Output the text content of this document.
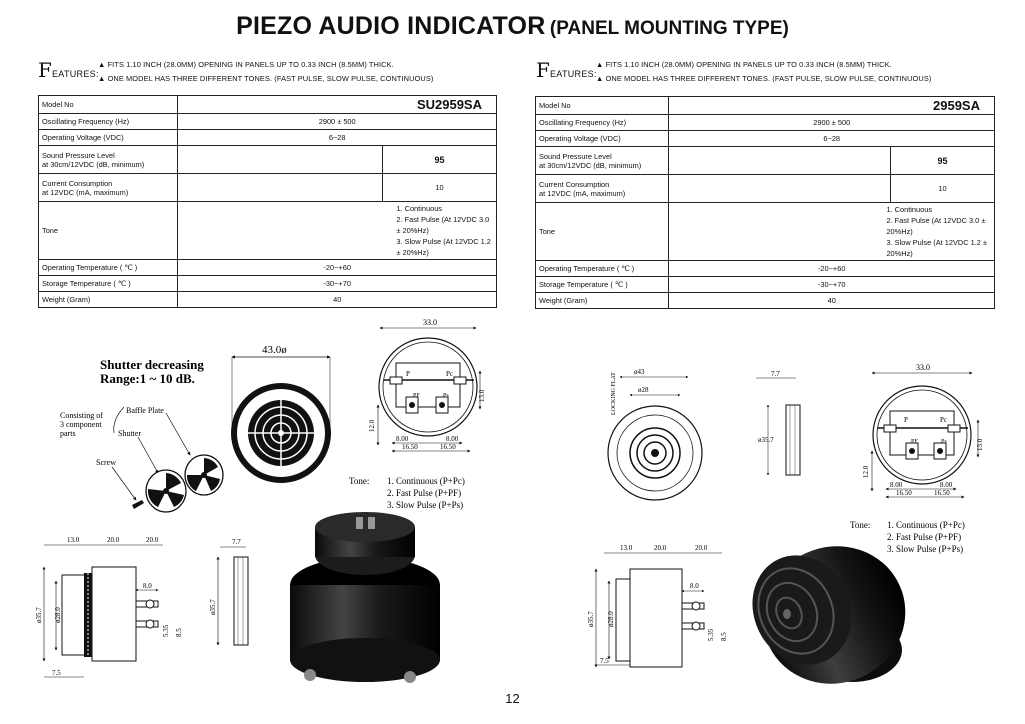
PIEZO AUDIO INDICATOR (PANEL MOUNTING TYPE)
F EATURES:
▲ FITS 1.10 INCH (28.0MM) OPENING IN PANELS UP TO 0.33 INCH (8.5MM) THICK.
▲ ONE MODEL HAS THREE DIFFERENT TONES. (FAST PULSE, SLOW PULSE, CONTINUOUS)	F EATURES:
▲ FITS 1.10 INCH (28.0MM) OPENING IN PANELS UP TO 0.33 INCH (8.5MM) THICK.
▲ ONE MODEL HAS THREE DIFFERENT TONES. (FAST PULSE, SLOW PULSE, CONTINUOUS)
Model No	SU2959SA	
Oscillating Frequency (Hz)	2900 ± 500	
Operating Voltage (VDC)	6~28	

Sound Pressure Level
at 30cm/12VDC (dB, minimum)		95

Current Consumption
at 12VDC (mA, maximum)		10
Tone	1. Continuous
2. Fast Pulse (At 12VDC 3.0 ± 20%Hz)
3. Slow Pulse (At 12VDC 1.2 ± 20%Hz)	

Operating Temperature ( ℃ )	-20~+60	
Storage Temperature ( ℃ )	-30~+70	
Weight (Gram)	40	
Model No	2959SA	
Oscillating Frequency (Hz)	2900 ± 500	
Operating Voltage (VDC)	6~28	

Sound Pressure Level
at 30cm/12VDC (dB, minimum)		95

Current Consumption
at 12VDC (mA, maximum)		10
Tone	1. Continuous
2. Fast Pulse (At 12VDC 3.0 ± 20%Hz)
3. Slow Pulse (At 12VDC 1.2 ± 20%Hz)	

Operating Temperature ( ℃ )	-20~+60	
Storage Temperature ( ℃ )	-30~+70	
Weight (Gram)	40	
Shutter decreasing
Range:1 ~ 10 dB.
Consisting of
3 component
parts
Baffle Plate
Shutter
Screw
43.0ø
33.0
P	Pc
PF	Ps	13.0
12.0
8.00	8.00
16.50	16.50
Tone: 1. Continuous (P+Pc)
2. Fast Pulse (P+PF)
3. Slow Pulse (P+Ps)
13.0	20.0	20.0
ø35.7 ø28.0
8.0
5.35 8.5
7.5
7.7
ø35.7
LOCKING FLAT
ø43
ø28
7.7
ø35.7
33.0
P	Pc
PF	Ps	13.0
12.0
8.00	8.00
16.50	16.50
Tone: 1. Continuous (P+Pc)
2. Fast Pulse (P+PF)
3. Slow Pulse (P+Ps)
13.0	20.0	20.0
ø35.7 ø28.0
8.0
5.35 8.5
7.5
12
